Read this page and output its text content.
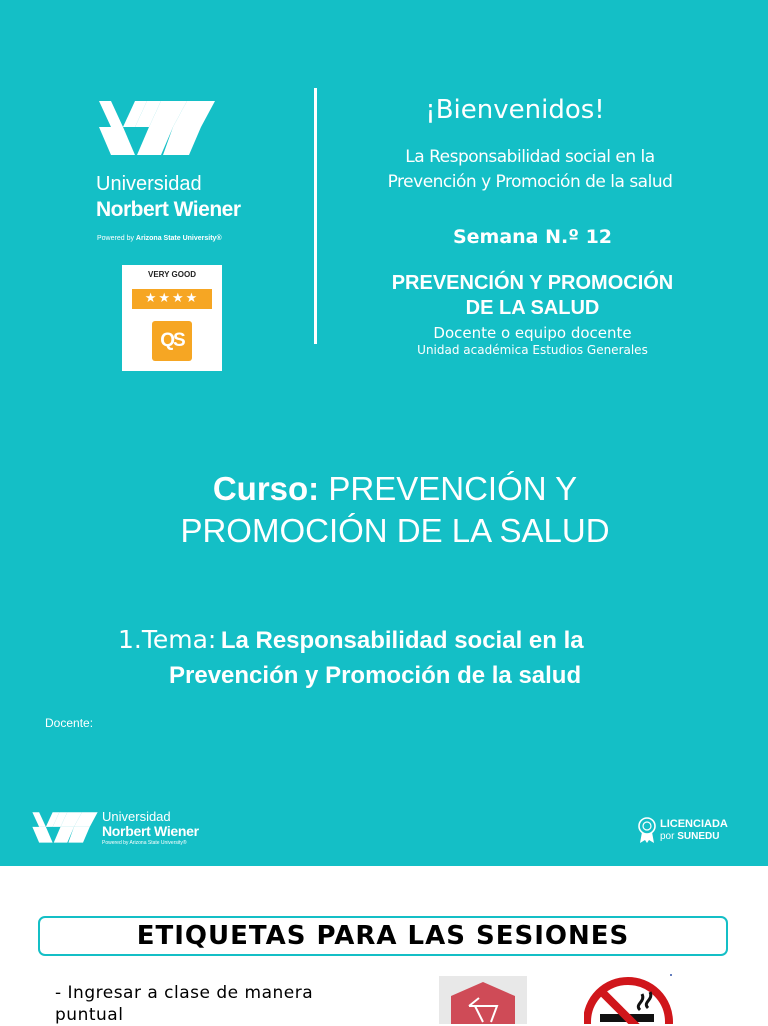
Universidad
Norbert Wiener
Powered by Arizona State University®
VERY GOOD
★★★★
QS
¡Bienvenidos!
La Responsabilidad social en la
Prevención y Promoción de la salud
Semana N.º 12
PREVENCIÓN Y PROMOCIÓN
DE LA SALUD
Docente o equipo docente
Unidad académica Estudios Generales
Curso: PREVENCIÓN Y
PROMOCIÓN DE LA SALUD
1.Tema: La Responsabilidad social en la
Prevención y Promoción de la salud
Docente:
Universidad
Norbert Wiener
Powered by Arizona State University®
LICENCIADA
por SUNEDU
ETIQUETAS PARA LAS SESIONES
- Ingresar a clase de manera
puntual
